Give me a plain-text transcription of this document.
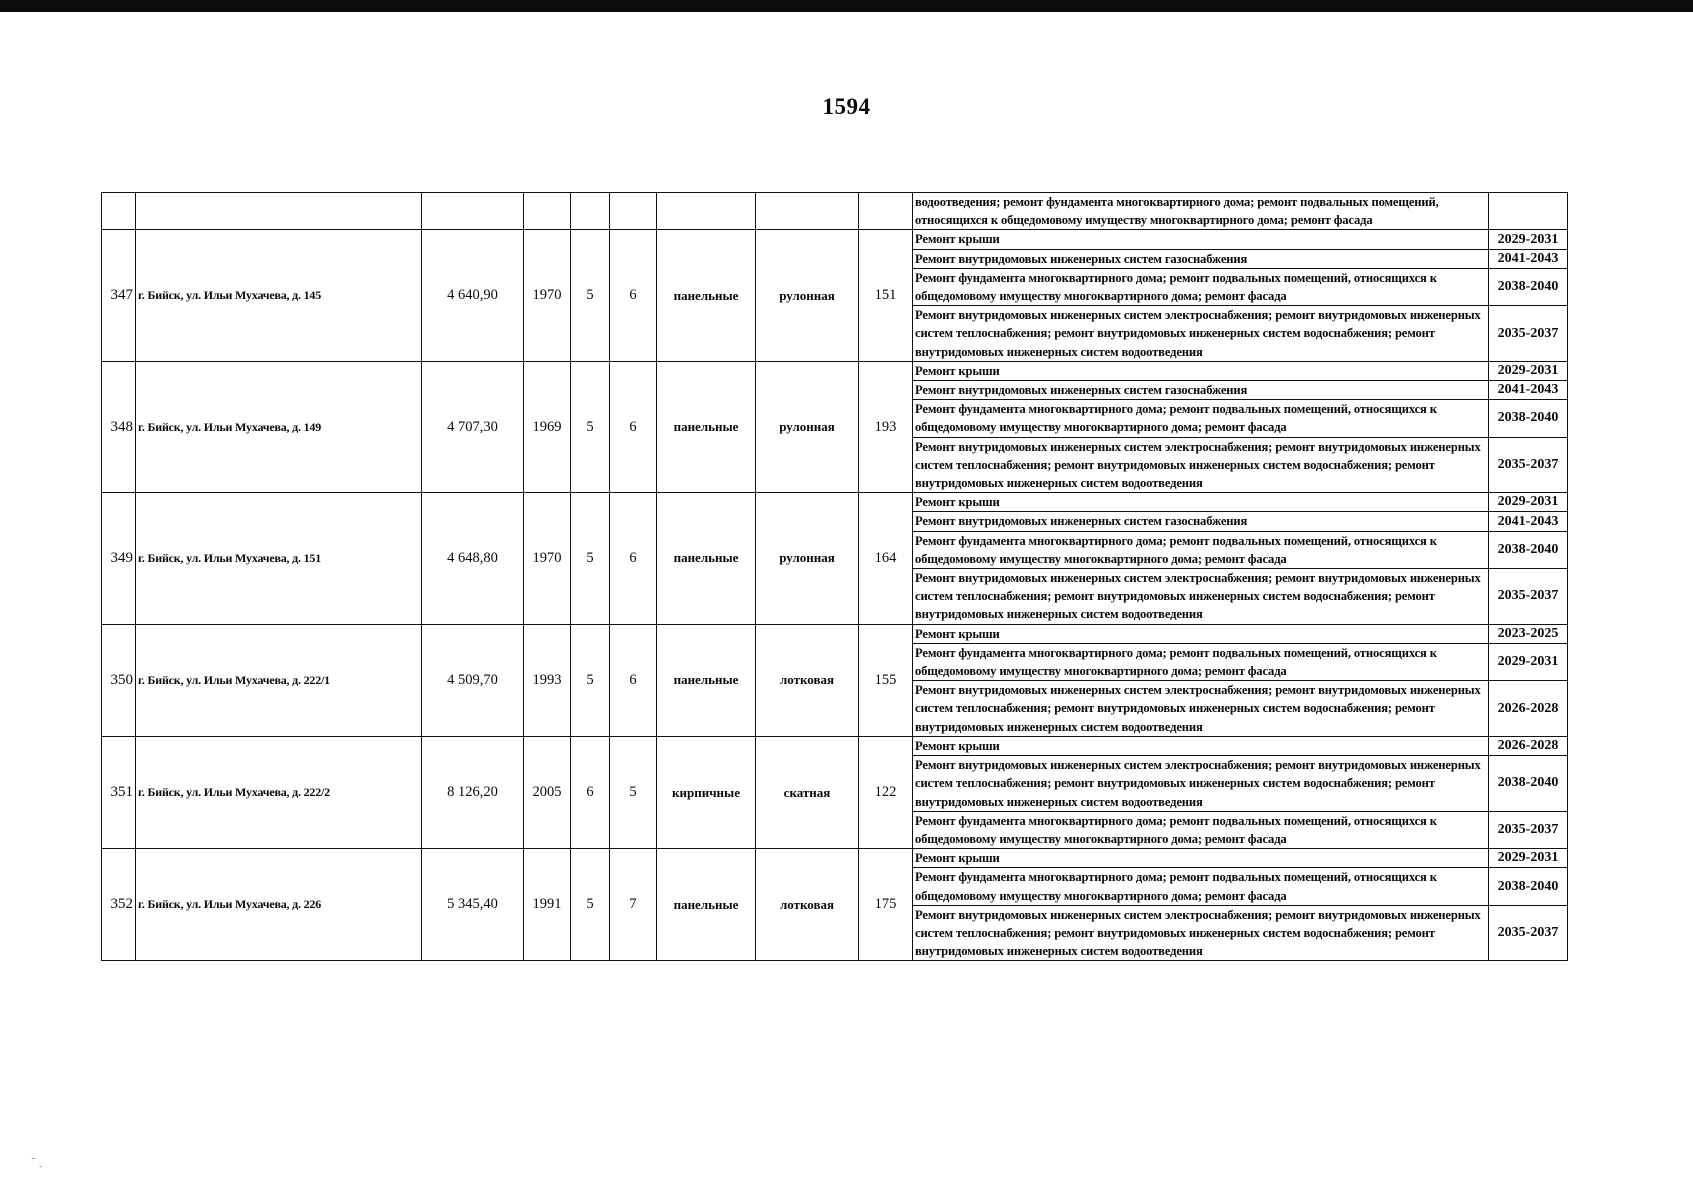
1594
									водоотведения; ремонт фундамента многоквартирного дома; ремонт подвальных помещений, относящихся к общедомовому имуществу многоквартирного дома; ремонт фасада	
347	г. Бийск, ул. Ильи Мухачева, д. 145	4 640,90	1970	5	6	панельные	рулонная	151	Ремонт крыши	2029-2031
									Ремонт внутридомовых инженерных систем газоснабжения	2041-2043
									Ремонт фундамента многоквартирного дома; ремонт подвальных помещений, относящихся к общедомовому имуществу многоквартирного дома; ремонт фасада	2038-2040
									Ремонт внутридомовых инженерных систем электроснабжения; ремонт внутридомовых инженерных систем теплоснабжения; ремонт внутридомовых инженерных систем водоснабжения; ремонт внутридомовых инженерных систем водоотведения	2035-2037
348	г. Бийск, ул. Ильи Мухачева, д. 149	4 707,30	1969	5	6	панельные	рулонная	193	Ремонт крыши	2029-2031
									Ремонт внутридомовых инженерных систем газоснабжения	2041-2043
									Ремонт фундамента многоквартирного дома; ремонт подвальных помещений, относящихся к общедомовому имуществу многоквартирного дома; ремонт фасада	2038-2040
									Ремонт внутридомовых инженерных систем электроснабжения; ремонт внутридомовых инженерных систем теплоснабжения; ремонт внутридомовых инженерных систем водоснабжения; ремонт внутридомовых инженерных систем водоотведения	2035-2037
349	г. Бийск, ул. Ильи Мухачева, д. 151	4 648,80	1970	5	6	панельные	рулонная	164	Ремонт крыши	2029-2031
									Ремонт внутридомовых инженерных систем газоснабжения	2041-2043
									Ремонт фундамента многоквартирного дома; ремонт подвальных помещений, относящихся к общедомовому имуществу многоквартирного дома; ремонт фасада	2038-2040
									Ремонт внутридомовых инженерных систем электроснабжения; ремонт внутридомовых инженерных систем теплоснабжения; ремонт внутридомовых инженерных систем водоснабжения; ремонт внутридомовых инженерных систем водоотведения	2035-2037
350	г. Бийск, ул. Ильи Мухачева, д. 222/1	4 509,70	1993	5	6	панельные	лотковая	155	Ремонт крыши	2023-2025
									Ремонт фундамента многоквартирного дома; ремонт подвальных помещений, относящихся к общедомовому имуществу многоквартирного дома; ремонт фасада	2029-2031
									Ремонт внутридомовых инженерных систем электроснабжения; ремонт внутридомовых инженерных систем теплоснабжения; ремонт внутридомовых инженерных систем водоснабжения; ремонт внутридомовых инженерных систем водоотведения	2026-2028
351	г. Бийск, ул. Ильи Мухачева, д. 222/2	8 126,20	2005	6	5	кирпичные	скатная	122	Ремонт крыши	2026-2028
									Ремонт внутридомовых инженерных систем электроснабжения; ремонт внутридомовых инженерных систем теплоснабжения; ремонт внутридомовых инженерных систем водоснабжения; ремонт внутридомовых инженерных систем водоотведения	2038-2040
									Ремонт фундамента многоквартирного дома; ремонт подвальных помещений, относящихся к общедомовому имуществу многоквартирного дома; ремонт фасада	2035-2037
352	г. Бийск, ул. Ильи Мухачева, д. 226	5 345,40	1991	5	7	панельные	лотковая	175	Ремонт крыши	2029-2031
									Ремонт фундамента многоквартирного дома; ремонт подвальных помещений, относящихся к общедомовому имуществу многоквартирного дома; ремонт фасада	2038-2040
									Ремонт внутридомовых инженерных систем электроснабжения; ремонт внутридомовых инженерных систем теплоснабжения; ремонт внутридомовых инженерных систем водоснабжения; ремонт внутридомовых инженерных систем водоотведения	2035-2037
ᐨ ˏ
